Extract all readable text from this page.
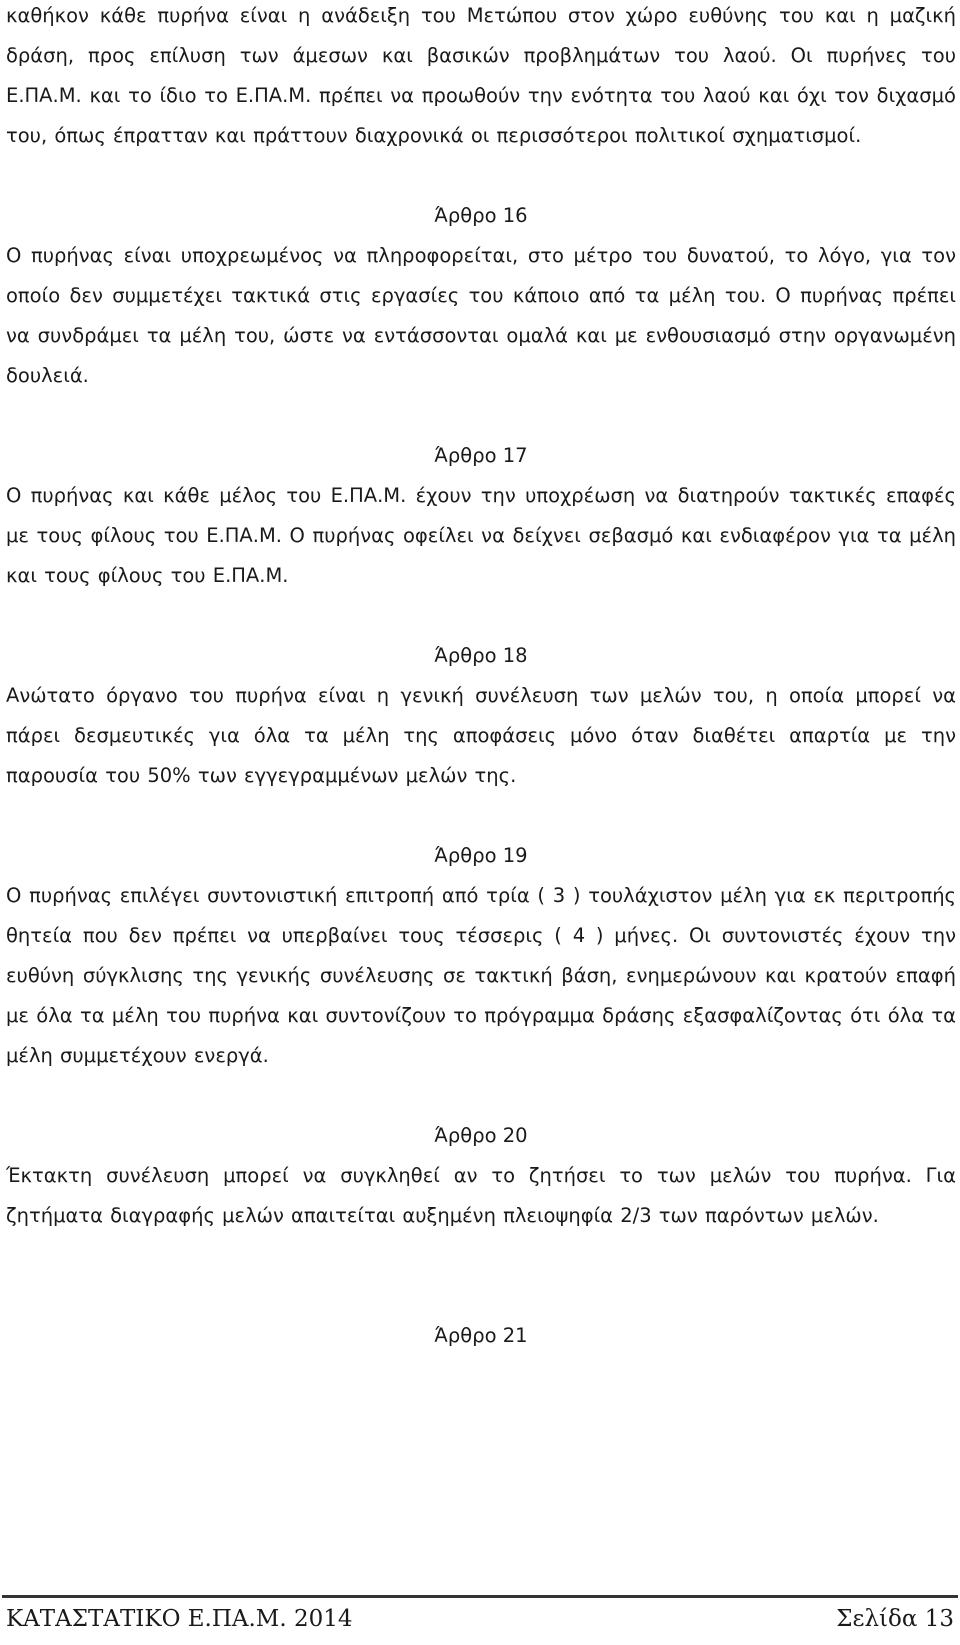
καθήκον κάθε πυρήνα είναι η ανάδειξη του Μετώπου στον χώρο ευθύνης του και η μαζική δράση, προς επίλυση των άμεσων και βασικών προβλημάτων του λαού. Οι πυρήνες του Ε.ΠΑ.Μ. και το ίδιο το Ε.ΠΑ.Μ. πρέπει να προωθούν την ενότητα του λαού και όχι τον διχασμό του, όπως έπρατταν και πράττουν διαχρονικά οι περισσότεροι πολιτικοί σχηματισμοί.

Άρθρο 16

Ο πυρήνας είναι υποχρεωμένος να πληροφορείται, στο μέτρο του δυνατού, το λόγο, για τον οποίο δεν συμμετέχει τακτικά στις εργασίες του κάποιο από τα μέλη του. Ο πυρήνας πρέπει να συνδράμει τα μέλη του, ώστε να εντάσσονται ομαλά και με ενθουσιασμό στην οργανωμένη δουλειά.

Άρθρο 17

Ο πυρήνας και κάθε μέλος του Ε.ΠΑ.Μ. έχουν την υποχρέωση να διατηρούν τακτικές επαφές με τους φίλους του Ε.ΠΑ.Μ. Ο πυρήνας οφείλει να δείχνει σεβασμό και ενδιαφέρον για τα μέλη και τους φίλους του Ε.ΠΑ.Μ.

Άρθρο 18

Ανώτατο όργανο του πυρήνα είναι η γενική συνέλευση των μελών του, η οποία μπορεί να πάρει δεσμευτικές για όλα τα μέλη της αποφάσεις μόνο όταν διαθέτει απαρτία με την παρουσία του 50% των εγγεγραμμένων μελών της.

Άρθρο 19

Ο πυρήνας επιλέγει συντονιστική επιτροπή από τρία ( 3 ) τουλάχιστον μέλη για εκ περιτροπής θητεία που δεν πρέπει να υπερβαίνει τους τέσσερις ( 4 ) μήνες. Οι συντονιστές έχουν την ευθύνη σύγκλισης της γενικής συνέλευσης σε τακτική βάση, ενημερώνουν και κρατούν επαφή με όλα τα μέλη του πυρήνα και συντονίζουν το πρόγραμμα δράσης εξασφαλίζοντας ότι όλα τα μέλη συμμετέχουν ενεργά.

Άρθρο 20

Έκτακτη συνέλευση μπορεί να συγκληθεί αν το ζητήσει το των μελών του πυρήνα. Για ζητήματα διαγραφής μελών απαιτείται αυξημένη πλειοψηφία 2/3 των παρόντων μελών.

Άρθρο 21

ΚΑΤΑΣΤΑΤΙΚΟ Ε.ΠΑ.Μ. 2014	Σελίδα 13
